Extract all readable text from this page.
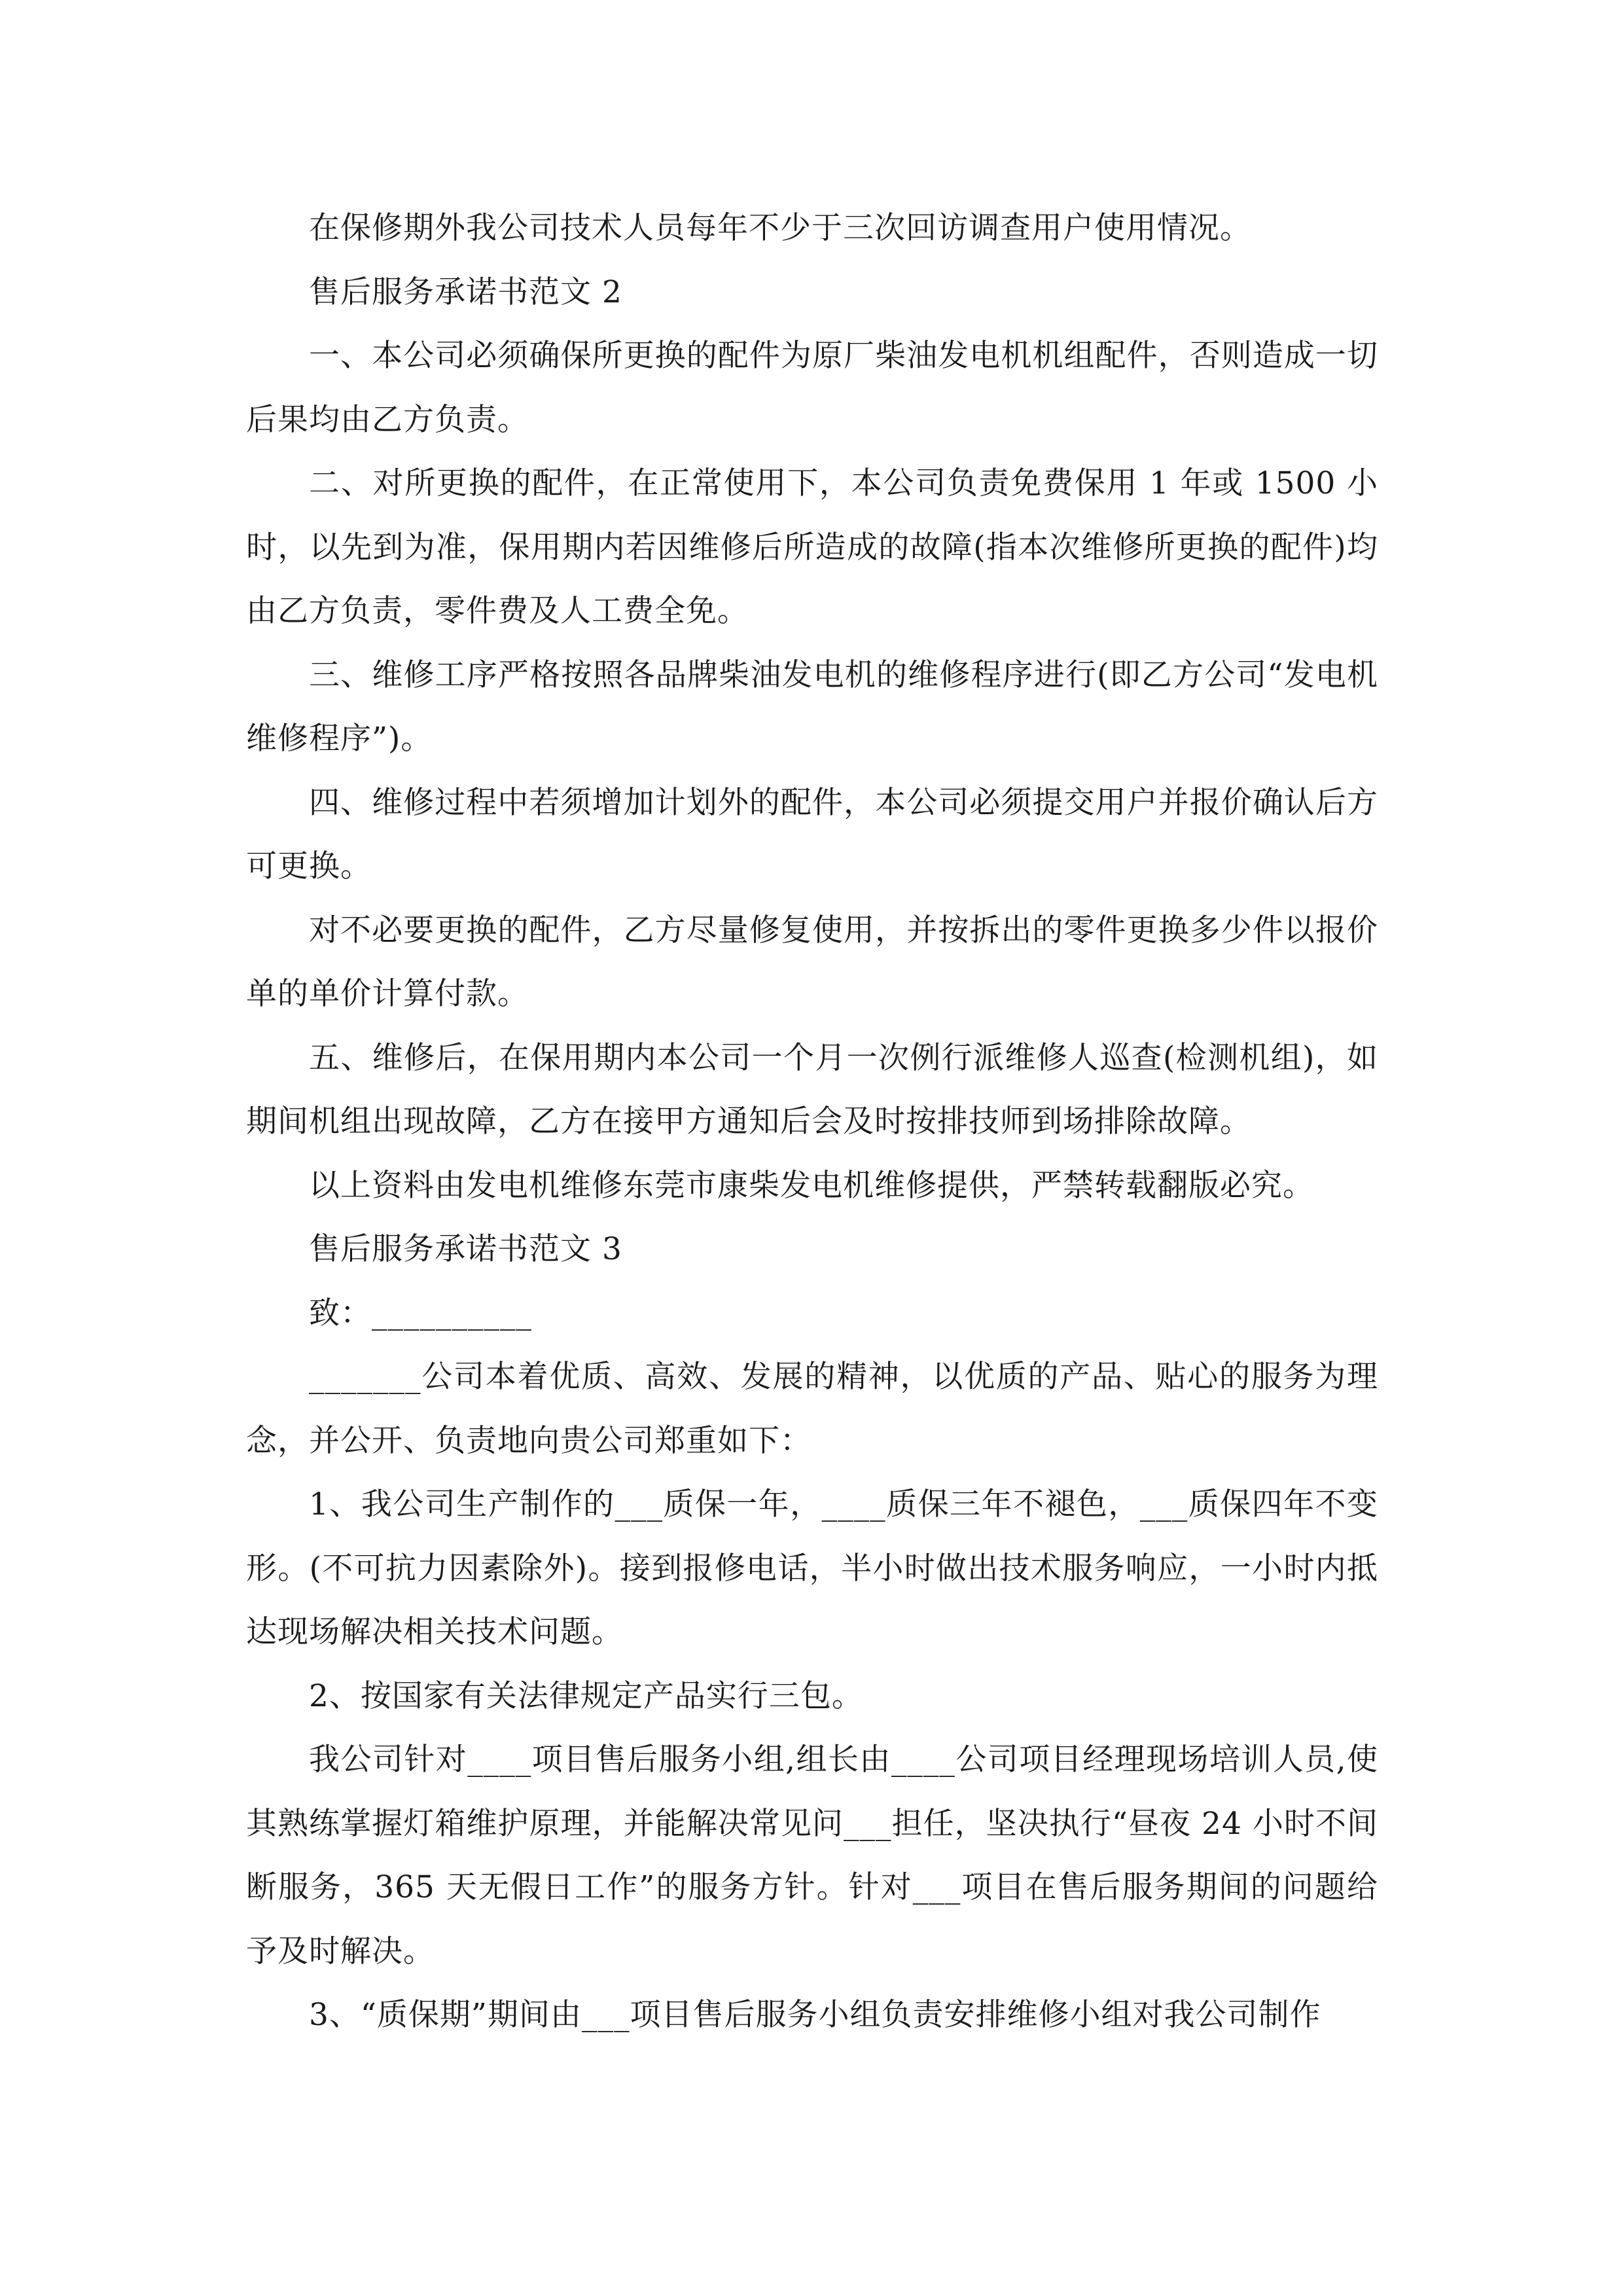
在保修期外我公司技术人员每年不少于三次回访调查用户使用情况。

售后服务承诺书范文 2

一、本公司必须确保所更换的配件为原厂柴油发电机机组配件，否则造成一切后果均由乙方负责。

二、对所更换的配件，在正常使用下，本公司负责免费保用 1 年或 1500 小时，以先到为准，保用期内若因维修后所造成的故障(指本次维修所更换的配件)均由乙方负责，零件费及人工费全免。

三、维修工序严格按照各品牌柴油发电机的维修程序进行(即乙方公司“发电机维修程序”)。

四、维修过程中若须增加计划外的配件，本公司必须提交用户并报价确认后方可更换。

对不必要更换的配件，乙方尽量修复使用，并按拆出的零件更换多少件以报价单的单价计算付款。

五、维修后，在保用期内本公司一个月一次例行派维修人巡查(检测机组)，如期间机组出现故障，乙方在接甲方通知后会及时按排技师到场排除故障。

以上资料由发电机维修东莞市康柴发电机维修提供，严禁转载翻版必究。

售后服务承诺书范文 3

致：__________

_______公司本着优质、高效、发展的精神，以优质的产品、贴心的服务为理念，并公开、负责地向贵公司郑重如下：

1、我公司生产制作的___质保一年，____质保三年不褪色，___质保四年不变形。(不可抗力因素除外)。接到报修电话，半小时做出技术服务响应，一小时内抵达现场解决相关技术问题。

2、按国家有关法律规定产品实行三包。

我公司针对____项目售后服务小组,组长由____公司项目经理现场培训人员,使其熟练掌握灯箱维护原理，并能解决常见问___担任，坚决执行“昼夜 24 小时不间断服务，365 天无假日工作”的服务方针。针对___项目在售后服务期间的问题给予及时解决。

3、“质保期”期间由___项目售后服务小组负责安排维修小组对我公司制作
